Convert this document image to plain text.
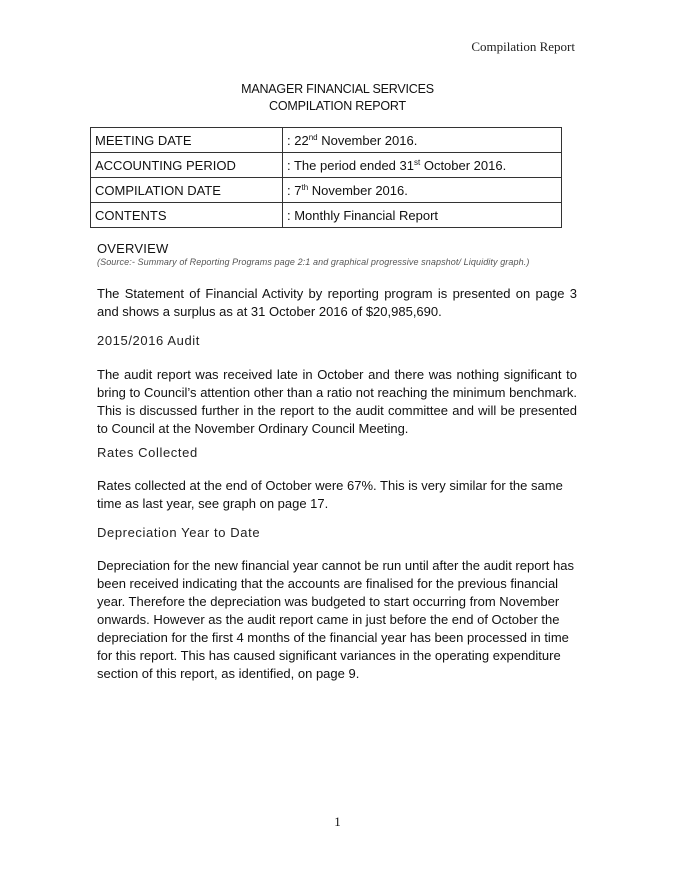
Compilation Report
MANAGER FINANCIAL SERVICES
COMPILATION REPORT
MEETING DATE	: 22nd November 2016.
ACCOUNTING PERIOD	: The period ended 31st October 2016.
COMPILATION DATE	: 7th November 2016.
CONTENTS	: Monthly Financial Report
OVERVIEW
(Source:- Summary of Reporting Programs page 2:1 and graphical progressive snapshot/ Liquidity graph.)

The Statement of Financial Activity by reporting program is presented on page 3 and shows a surplus as at 31 October 2016 of $20,985,690.

2015/2016 Audit

The audit report was received late in October and there was nothing significant to bring to Council’s attention other than a ratio not reaching the minimum benchmark. This is discussed further in the report to the audit committee and will be presented to Council at the November Ordinary Council Meeting.

Rates Collected

Rates collected at the end of October were 67%. This is very similar for the same time as last year, see graph on page 17.

Depreciation Year to Date

Depreciation for the new financial year cannot be run until after the audit report has been received indicating that the accounts are finalised for the previous financial year. Therefore the depreciation was budgeted to start occurring from November onwards. However as the audit report came in just before the end of October the depreciation for the first 4 months of the financial year has been processed in time for this report. This has caused significant variances in the operating expenditure section of this report, as identified, on page 9.

1
